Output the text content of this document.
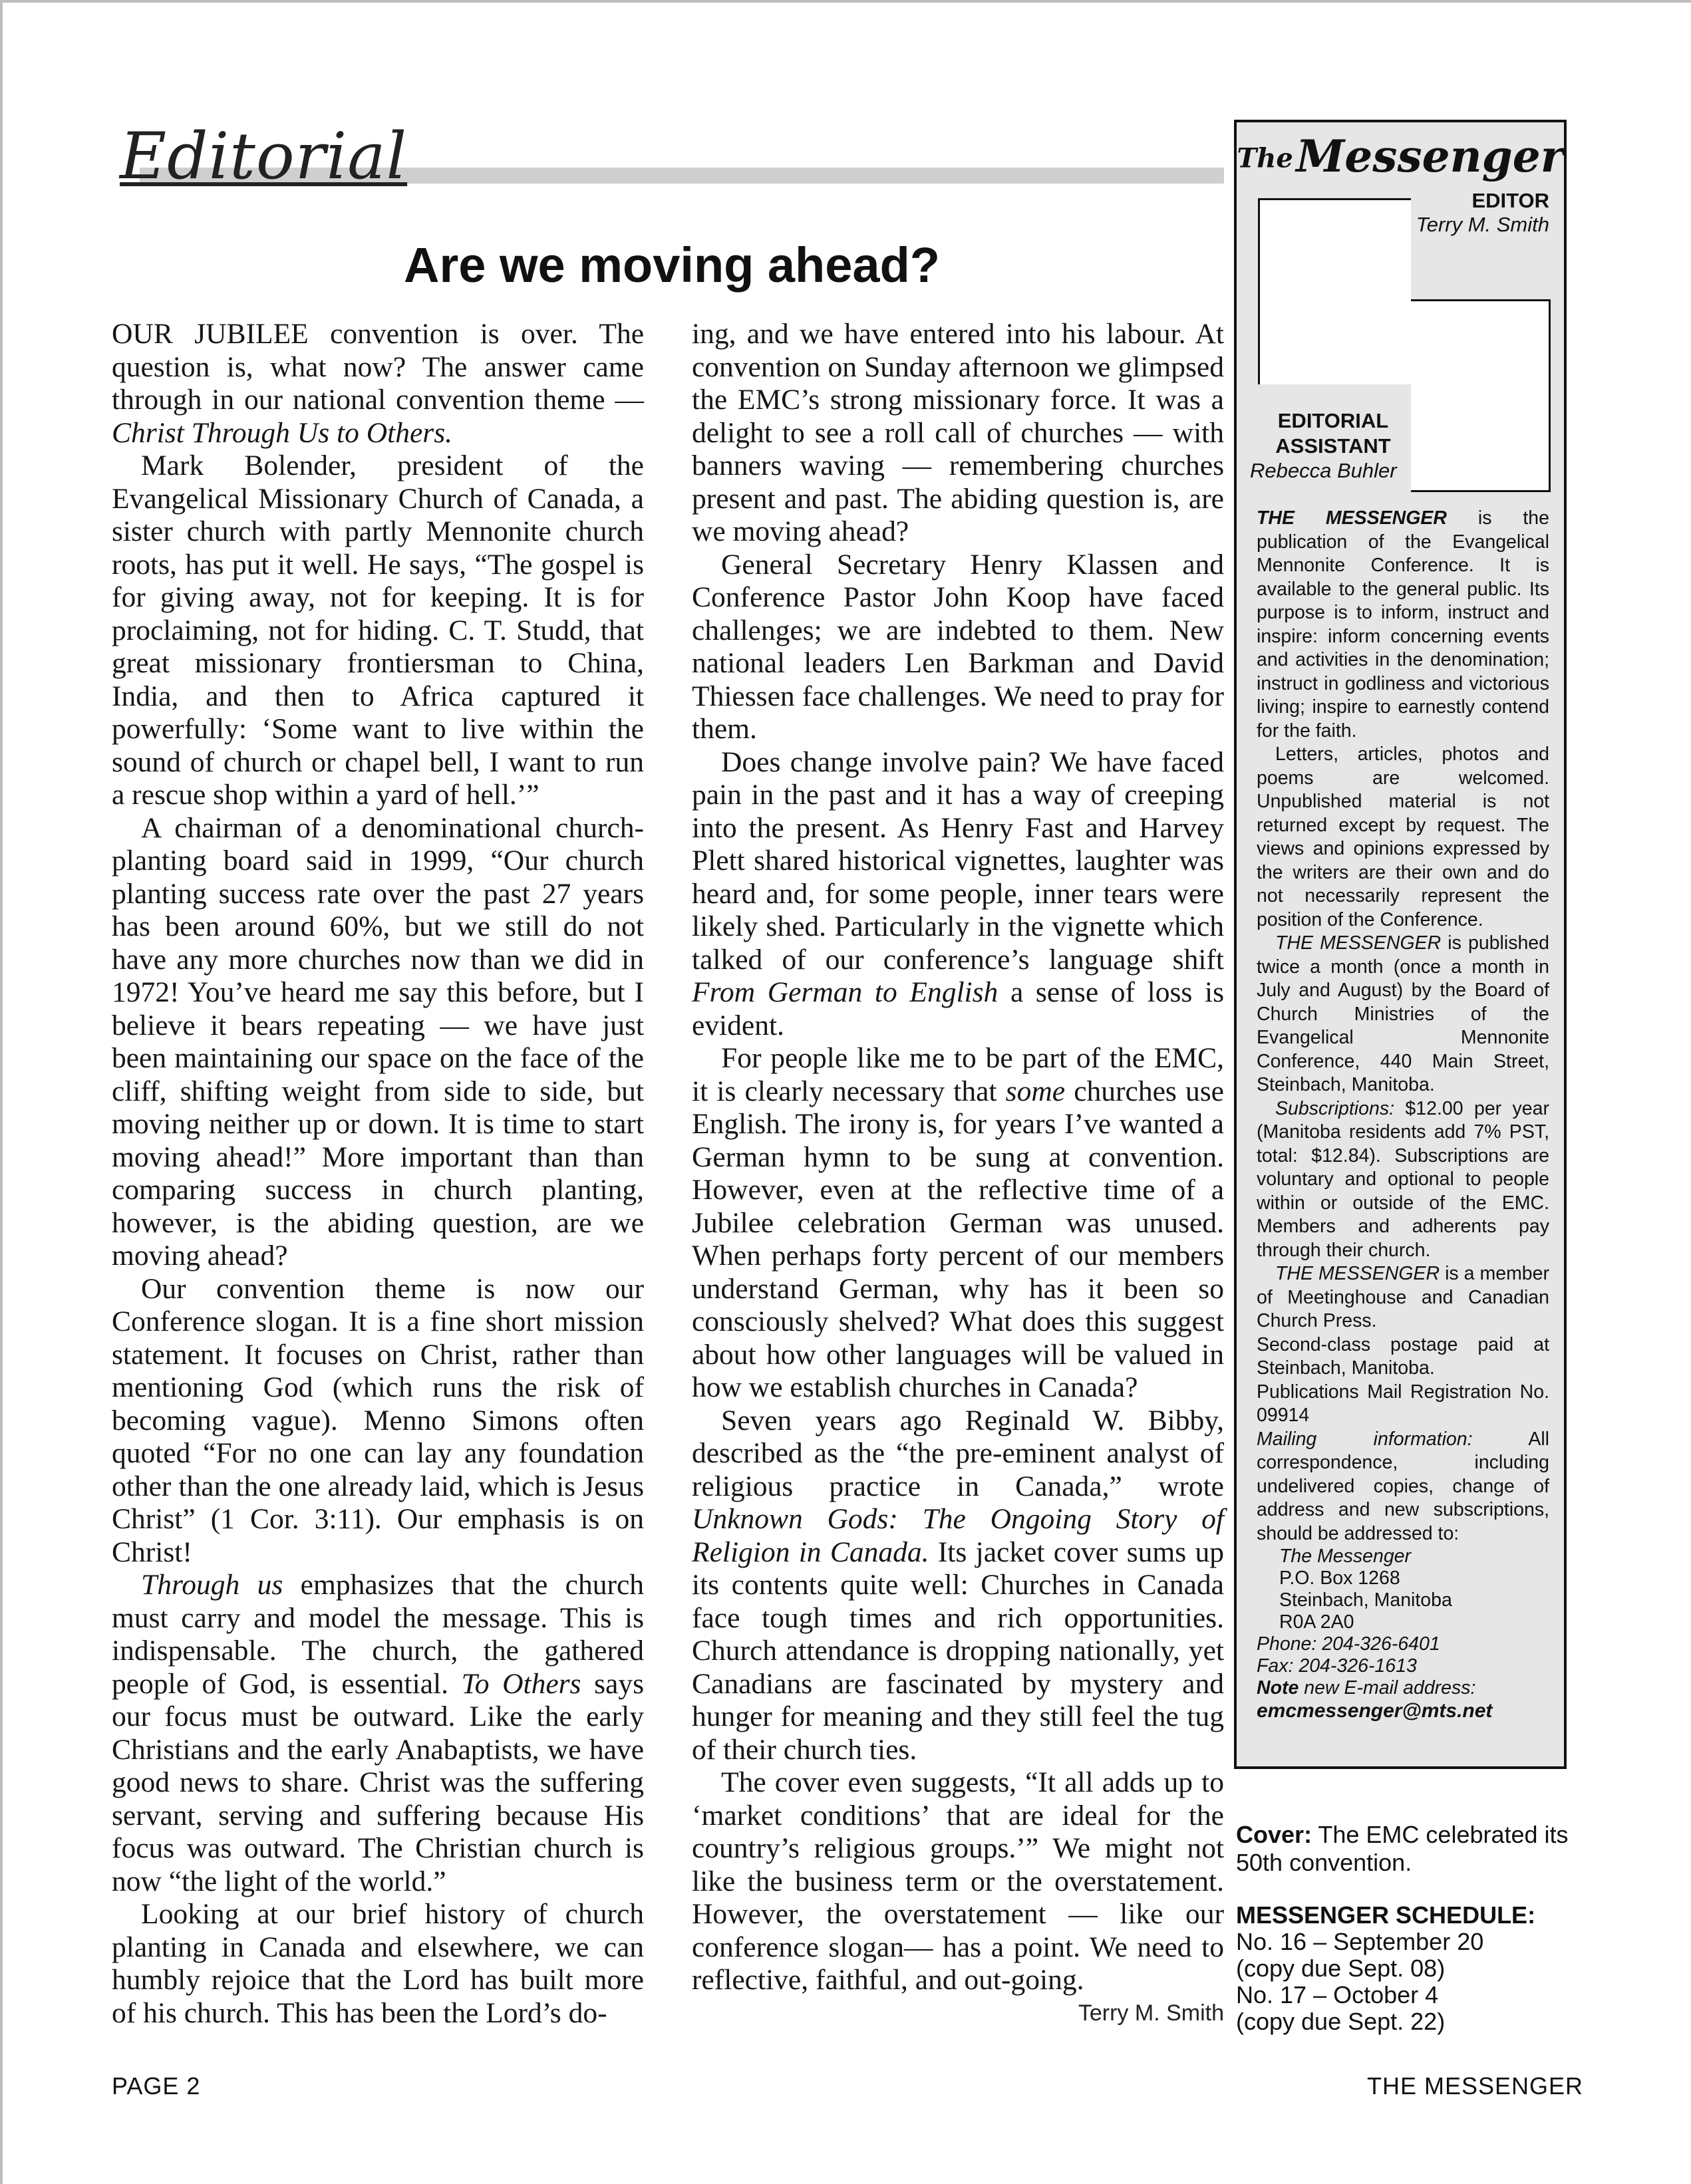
Editorial
Are we moving ahead?

OUR JUBILEE convention is over. The question is, what now? The answer came through in our national convention theme — Christ Through Us to Others.

Mark Bolender, president of the Evangelical Missionary Church of Canada, a sister church with partly Mennonite church roots, has put it well. He says, “The gospel is for giving away, not for keeping. It is for proclaiming, not for hiding. C. T. Studd, that great missionary frontiersman to China, India, and then to Africa captured it powerfully: ‘Some want to live within the sound of church or chapel bell, I want to run a rescue shop within a yard of hell.’”

A chairman of a denominational church-planting board said in 1999, “Our church planting success rate over the past 27 years has been around 60%, but we still do not have any more churches now than we did in 1972! You’ve heard me say this before, but I believe it bears repeating — we have just been maintaining our space on the face of the cliff, shifting weight from side to side, but moving neither up or down. It is time to start moving ahead!” More important than than comparing success in church planting, however, is the abiding question, are we moving ahead?

Our convention theme is now our Conference slogan. It is a fine short mission statement. It focuses on Christ, rather than mentioning God (which runs the risk of becoming vague). Menno Simons often quoted “For no one can lay any foundation other than the one already laid, which is Jesus Christ” (1 Cor. 3:11). Our emphasis is on Christ!

Through us emphasizes that the church must carry and model the message. This is indispensable. The church, the gathered people of God, is essential. To Others says our focus must be outward. Like the early Christians and the early Anabaptists, we have good news to share. Christ was the suffering servant, serving and suffering because His focus was outward. The Christian church is now “the light of the world.”

Looking at our brief history of church planting in Canada and elsewhere, we can humbly rejoice that the Lord has built more of his church. This has been the Lord’s do-

ing, and we have entered into his labour. At convention on Sunday afternoon we glimpsed the EMC’s strong missionary force. It was a delight to see a roll call of churches — with banners waving — remembering churches present and past. The abiding question is, are we moving ahead?

General Secretary Henry Klassen and Conference Pastor John Koop have faced challenges; we are indebted to them. New national leaders Len Barkman and David Thiessen face challenges. We need to pray for them.

Does change involve pain? We have faced pain in the past and it has a way of creeping into the present. As Henry Fast and Harvey Plett shared historical vignettes, laughter was heard and, for some people, inner tears were likely shed. Particularly in the vignette which talked of our conference’s language shift From German to English a sense of loss is evident.

For people like me to be part of the EMC, it is clearly necessary that some churches use English. The irony is, for years I’ve wanted a German hymn to be sung at convention. However, even at the reflective time of a Jubilee celebration German was unused. When perhaps forty percent of our members understand German, why has it been so consciously shelved? What does this suggest about how other languages will be valued in how we establish churches in Canada?

Seven years ago Reginald W. Bibby, described as the “the pre-eminent analyst of religious practice in Canada,” wrote Unknown Gods: The Ongoing Story of Religion in Canada. Its jacket cover sums up its contents quite well: Churches in Canada face tough times and rich opportunities. Church attendance is dropping nationally, yet Canadians are fascinated by mystery and hunger for meaning and they still feel the tug of their church ties.

The cover even suggests, “It all adds up to ‘market conditions’ that are ideal for the country’s religious groups.’” We might not like the business term or the overstatement. However, the overstatement — like our conference slogan— has a point. We need to reflective, faithful, and out-going.

Terry M. Smith
The Messenger
EDITOR
Terry M. Smith
EDITORIAL
ASSISTANT
Rebecca Buhler

THE MESSENGER is the publication of the Evangelical Mennonite Conference. It is available to the general public. Its purpose is to inform, instruct and inspire: inform concerning events and activities in the denomination; instruct in godliness and victorious living; inspire to earnestly contend for the faith.

Letters, articles, photos and poems are welcomed. Unpublished material is not returned except by request. The views and opinions expressed by the writers are their own and do not necessarily represent the position of the Conference.

THE MESSENGER is published twice a month (once a month in July and August) by the Board of Church Ministries of the Evangelical Mennonite Conference, 440 Main Street, Steinbach, Manitoba.

Subscriptions: $12.00 per year (Manitoba residents add 7% PST, total: $12.84). Subscriptions are voluntary and optional to people within or outside of the EMC. Members and adherents pay through their church.

THE MESSENGER is a member of Meetinghouse and Canadian Church Press.

Second-class postage paid at Steinbach, Manitoba.

Publications Mail Registration No. 09914

Mailing information: All correspondence, including undelivered copies, change of address and new subscriptions, should be addressed to:

The Messenger
P.O. Box 1268
Steinbach, Manitoba
R0A 2A0
Phone: 204-326-6401
Fax: 204-326-1613
Note new E-mail address:
emcmessenger@mts.net
Cover: The EMC celebrated its 50th convention.
MESSENGER SCHEDULE:
No. 16 – September 20
(copy due Sept. 08)
No. 17 – October 4
(copy due Sept. 22)
PAGE 2	THE MESSENGER
